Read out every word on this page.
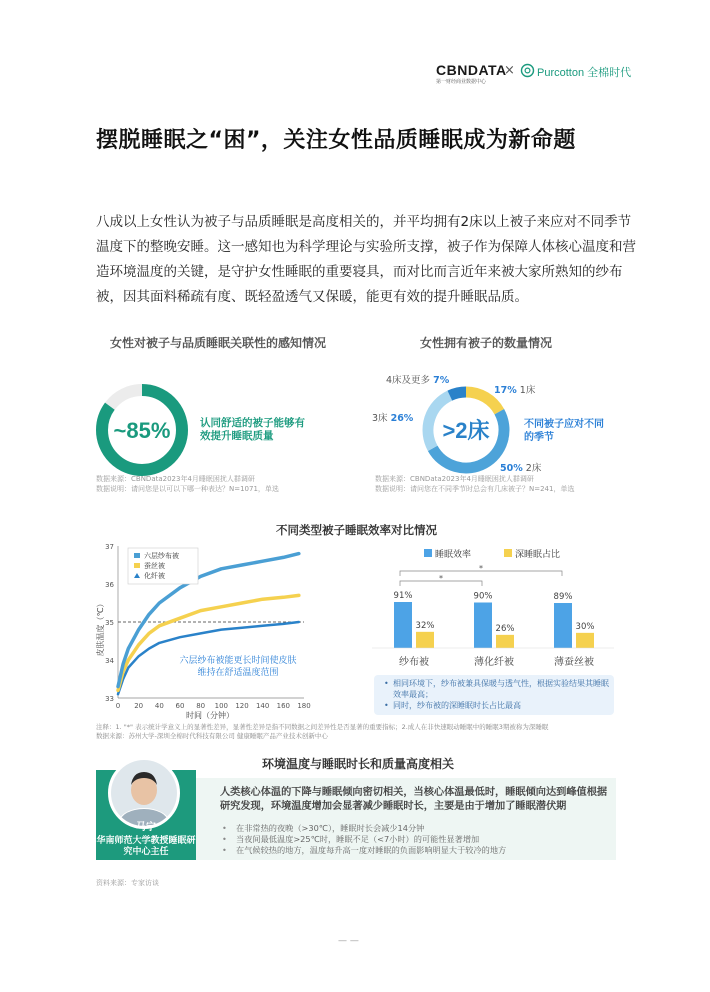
CBNDATA
第一财经商业数据中心
× Purcotton 全棉时代
摆脱睡眠之“困”，关注女性品质睡眠成为新命题

八成以上女性认为被子与品质睡眠是高度相关的，并平均拥有2床以上被子来应对不同季节温度下的整晚安睡。这一感知也为科学理论与实验所支撑，被子作为保障人体核心温度和营造环境温度的关键，是守护女性睡眠的重要寝具，而对比而言近年来被大家所熟知的纱布被，因其面料稀疏有度、既轻盈透气又保暖，能更有效的提升睡眠品质。

女性对被子与品质睡眠关联性的感知情况
~85%	认同舒适的被子能够有效提升睡眠质量
数据来源：CBNData2023年4月睡眠困扰人群调研
数据说明：请问您是以可以下哪一种表达？N=1071，单选
女性拥有被子的数量情况
>2床
4床及更多 7%
17% 1床
3床 26%
50% 2床
不同被子应对不同的季节
数据来源：CBNData2023年4月睡眠困扰人群调研
数据说明：请问您在不同季节时总会有几床被子？N=241，单选
不同类型被子睡眠效率对比情况
33
34
35
36
37
0 20 40 60 80 100 120 140 160 180
皮肤温度（℃）
时间（分钟）
六层纱布被
蚕丝被
化纤被
六层纱布被能更长时间使皮肤维持在舒适温度范围
睡眠效率	深睡眠占比
*
*
91%
32%
90%
26%
89%
30%
纱布被	薄化纤被	薄蚕丝被
• 相同环境下，纱布被兼具保暖与透气性，根据实验结果其睡眠效率最高；
• 同时，纱布被的深睡眠时长占比最高
注释：1. "*" 表示统计学意义上的显著性差异，显著性差异是指不同数据之间差异性是否显著的重要指标；2.成人在非快速眼动睡眠中的睡眠3期被称为深睡眠
数据来源：苏州大学-深圳全棉时代科技有限公司 健康睡眠产品产业技术创新中心
环境温度与睡眠时长和质量高度相关
马宁
华南师范大学教授睡眠研究中心主任

人类核心体温的下降与睡眠倾向密切相关，当核心体温最低时，睡眠倾向达到峰值根据研究发现，环境温度增加会显著减少睡眠时长，主要是由于增加了睡眠潜伏期

• 在非常热的夜晚（>30℃），睡眠时长会减少14分钟
• 当夜间最低温度>25℃时，睡眠不足（<7小时）的可能性显著增加
• 在气候较热的地方，温度每升高一度对睡眠的负面影响明显大于较冷的地方
资料来源：专家访谈
— —
